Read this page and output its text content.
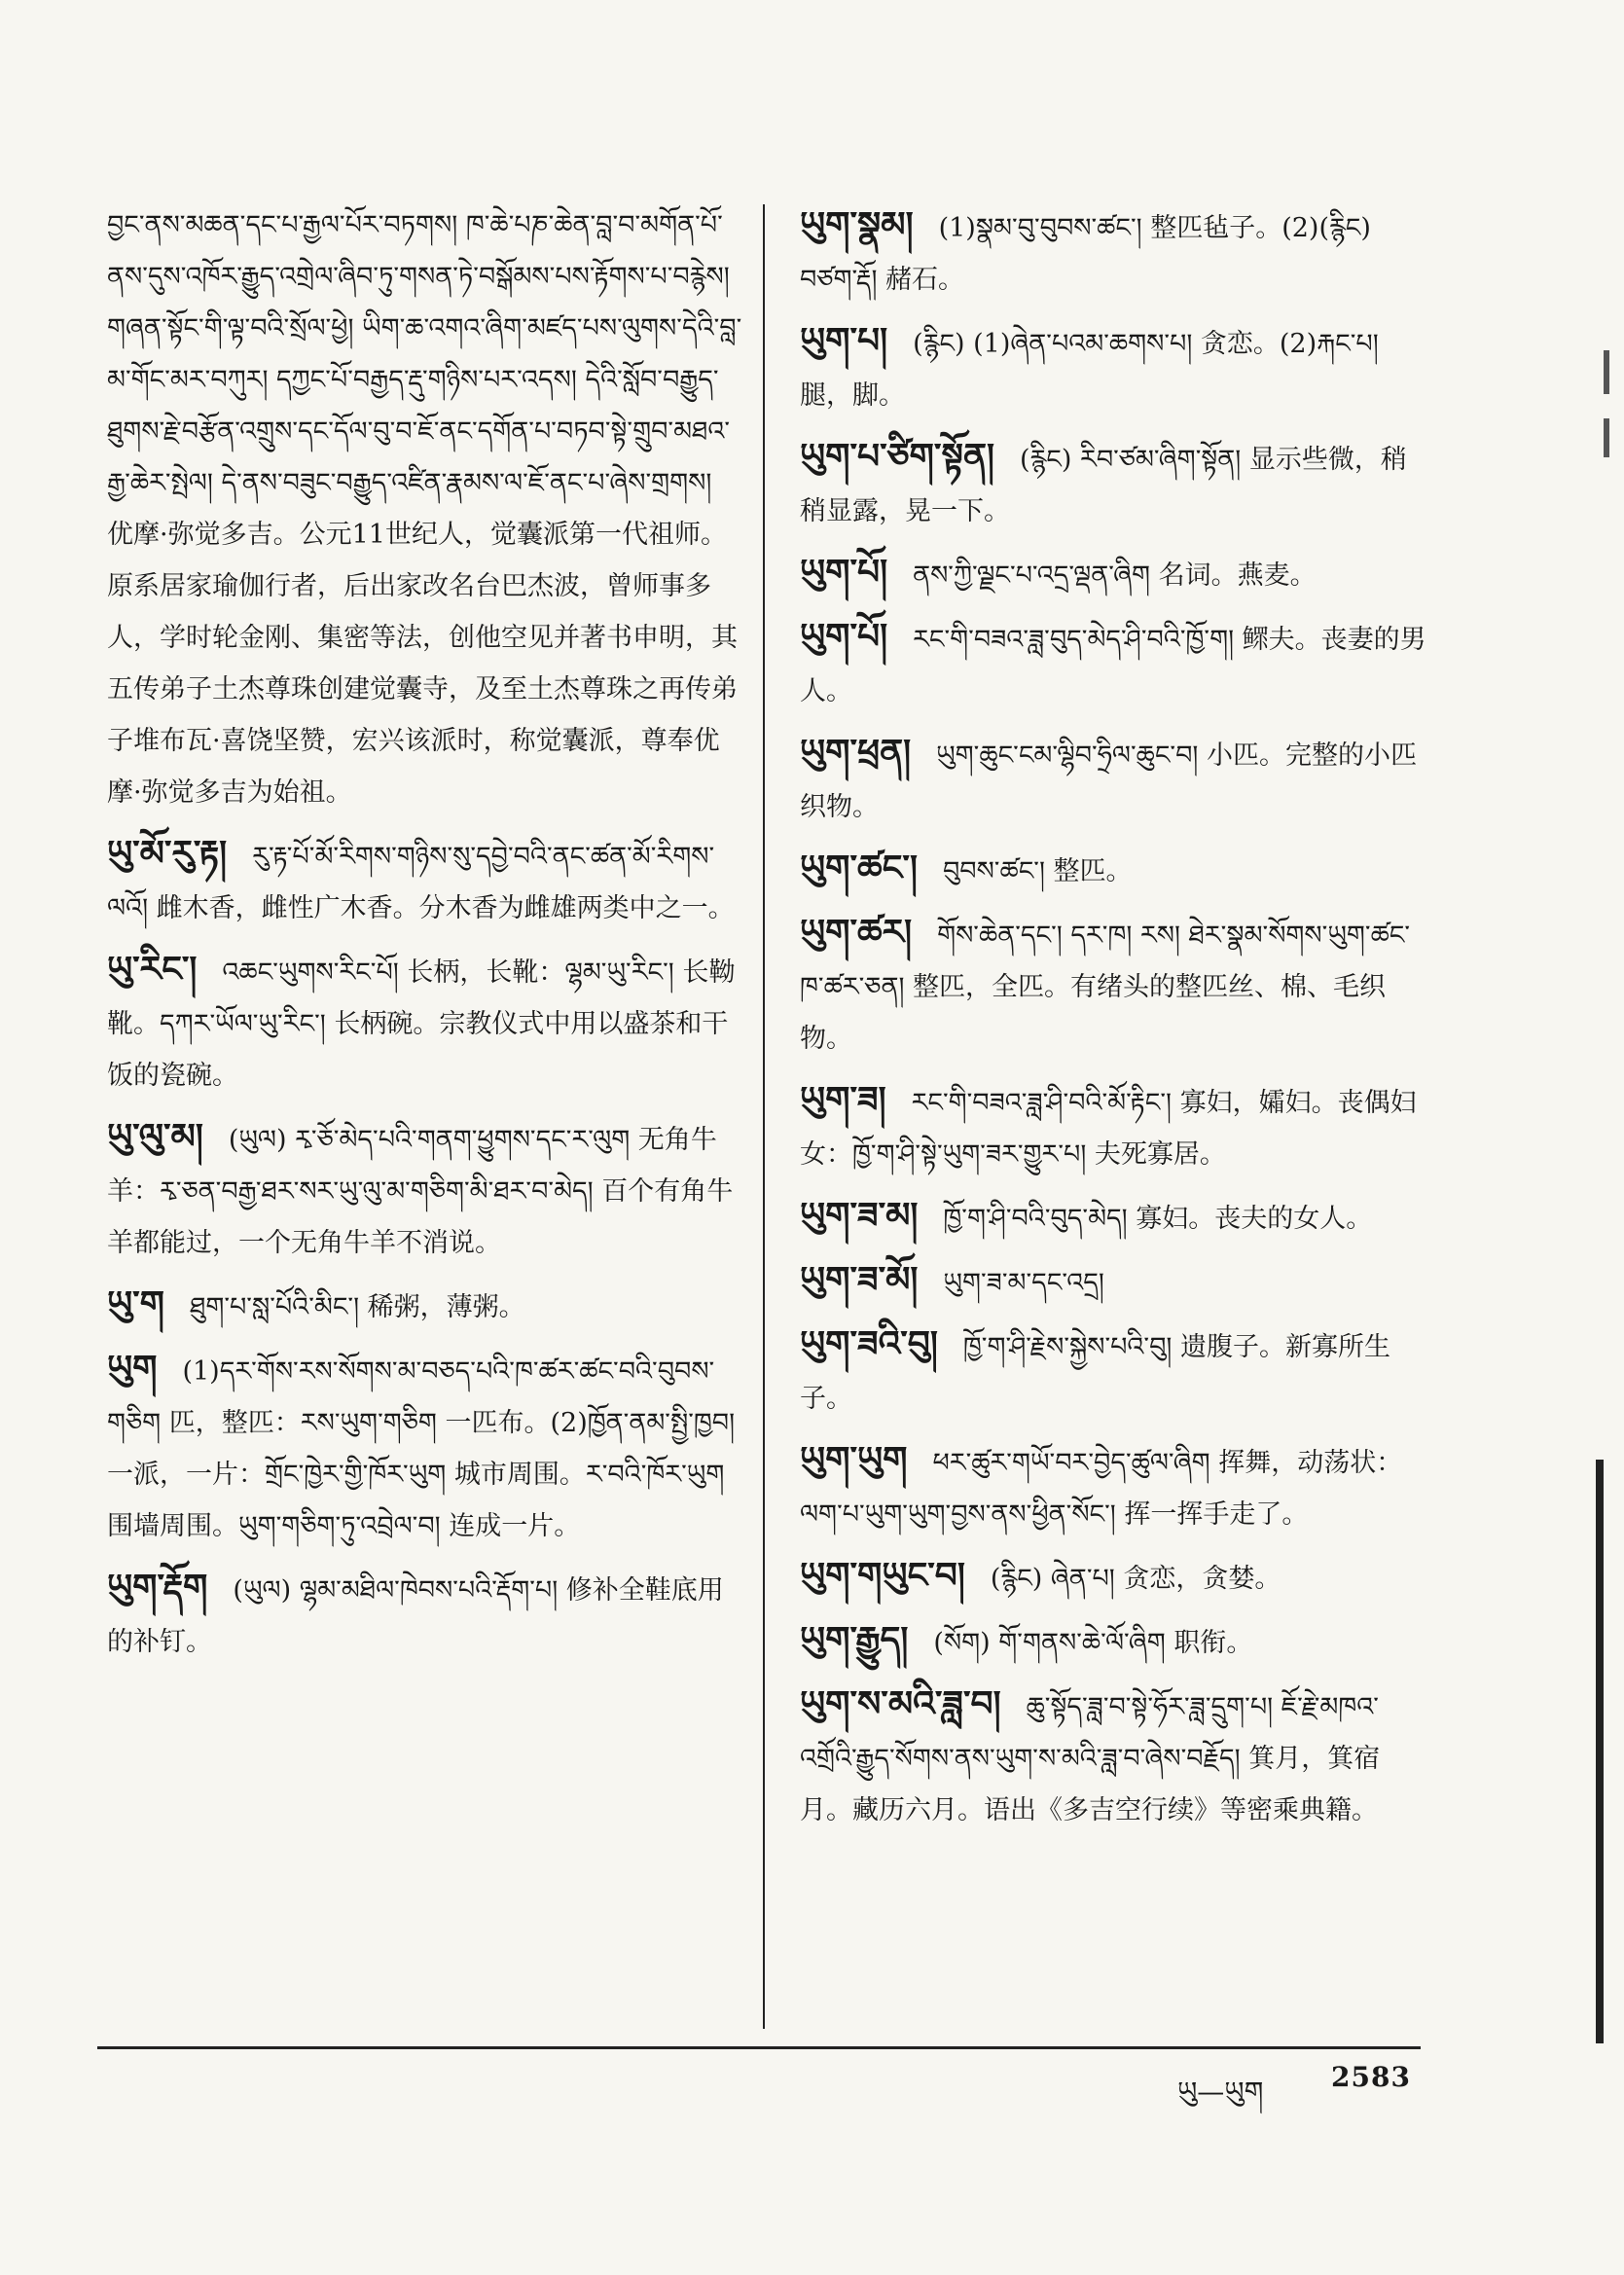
བྱང་ནས་མཆན་དང་པ་རྒྱལ་པོར་བཏགས། ཁ་ཆེ་པཎ་ཆེན་བླ་བ་མགོན་པོ་ནས་དུས་འཁོར་རྒྱུད་འགྲེལ་ཞིབ་ཏུ་གསན་ཏེ་བསྒོམས་པས་རྟོགས་པ་བརྙེས། གཞན་སྟོང་གི་ལྟ་བའི་སྲོལ་ཕྱེ། ཡིག་ཆ་འགའ་ཞིག་མཛད་པས་ལུགས་དེའི་བླ་མ་གོང་མར་བཀུར། དཀྱང་པོ་བརྒྱད་རྡུ་གཉིས་པར་འདས། དེའི་སློབ་བརྒྱུད་ཐུགས་རྗེ་བརྩོན་འགྲུས་དང་དོལ་བུ་བ་ཇོ་ནང་དགོན་པ་བཏབ་སྟེ་གྲུབ་མཐའ་རྒྱ་ཆེར་སྤེལ། དེ་ནས་བཟུང་བརྒྱུད་འཛིན་རྣམས་ལ་ཇོ་ནང་པ་ཞེས་གྲགས། 优摩·弥觉多吉。公元11世纪人，觉囊派第一代祖师。原系居家瑜伽行者，后出家改名台巴杰波，曾师事多人，学时轮金刚、集密等法，创他空见并著书申明，其五传弟子土杰尊珠创建觉囊寺，及至土杰尊珠之再传弟子堆布瓦·喜饶坚赞，宏兴该派时，称觉囊派，尊奉优摩·弥觉多吉为始祖。
ཡུ་མོ་རུ་རྟ། རུ་རྟ་པོ་མོ་རིགས་གཉིས་སུ་དབྱེ་བའི་ནང་ཚན་མོ་རིགས་ལའོ། 雌木香，雌性广木香。分木香为雌雄两类中之一。
ཡུ་རིང་། འཆང་ཡུགས་རིང་པོ། 长柄，长靴：ལྷམ་ཡུ་རིང་། 长靿靴。དཀར་ཡོལ་ཡུ་རིང་། 长柄碗。宗教仪式中用以盛茶和干饭的瓷碗。
ཡུ་ལུ་མ། (ཡུལ) རྭ་ཅོ་མེད་པའི་གནག་ཕྱུགས་དང་ར་ལུག 无角牛羊：རྭ་ཅན་བརྒྱ་ཐར་སར་ཡུ་ལུ་མ་གཅིག་མི་ཐར་བ་མེད། 百个有角牛羊都能过，一个无角牛羊不消说。
ཡུ་ག ཐུག་པ་སླ་པོའི་མིང་། 稀粥，薄粥。
ཡུག (1)དར་གོས་རས་སོགས་མ་བཅད་པའི་ཁ་ཚར་ཚང་བའི་བུབས་གཅིག 匹，整匹：རས་ཡུག་གཅིག 一匹布。(2)ཁྱོན་ནམ་སྤྱི་ཁྱབ། 一派，一片：གྲོང་ཁྱེར་གྱི་ཁོར་ཡུག 城市周围。ར་བའི་ཁོར་ཡུག 围墙周围。ཡུག་གཅིག་ཏུ་འབྲེལ་བ། 连成一片。
ཡུག་རྡོག (ཡུལ) ལྷམ་མཐིལ་ཁེབས་པའི་རྡོག་པ། 修补全鞋底用的补钉。
ཡུག་སྣམ། (1)སྣམ་བུ་བུབས་ཚང་། 整匹毡子。(2)(རྙིང) བཙག་རྡོ། 赭石。
ཡུག་པ། (རྙིང) (1)ཞེན་པའམ་ཆགས་པ། 贪恋。(2)རྐང་པ། 腿，脚。
ཡུག་པ་ཙིག་སྟོན། (རྙིང) རིབ་ཙམ་ཞིག་སྟོན། 显示些微，稍稍显露，晃一下。
ཡུག་པོ། ནས་ཀྱི་ལྗང་པ་འདྲ་ལྡན་ཞིག 名词。燕麦。
ཡུག་པོ། རང་གི་བཟའ་ཟླ་བུད་མེད་ཤི་བའི་ཁྱོ་ག། 鳏夫。丧妻的男人。
ཡུག་ཕྲན། ཡུག་ཆུང་ངམ་ལྷིབ་ཧྲིལ་ཆུང་བ། 小匹。完整的小匹织物。
ཡུག་ཚང་། བུབས་ཚང་། 整匹。
ཡུག་ཚར། གོས་ཆེན་དང་། དར་ཁ། རས། ཐེར་སྣམ་སོགས་ཡུག་ཚང་ཁ་ཚར་ཅན། 整匹，全匹。有绪头的整匹丝、棉、毛织物。
ཡུག་ཟ། རང་གི་བཟའ་ཟླ་ཤི་བའི་མོ་རྟིང་། 寡妇，孀妇。丧偶妇女：ཁྱོ་ག་ཤི་སྟེ་ཡུག་ཟར་གྱུར་པ། 夫死寡居。
ཡུག་ཟ་མ། ཁྱོ་ག་ཤི་བའི་བུད་མེད། 寡妇。丧夫的女人。
ཡུག་ཟ་མོ། ཡུག་ཟ་མ་དང་འདྲ།
ཡུག་ཟའི་བུ། ཁྱོ་ག་ཤི་རྗེས་སྐྱེས་པའི་བུ། 遗腹子。新寡所生子。
ཡུག་ཡུག ཕར་ཚུར་གཡོ་བར་བྱེད་ཚུལ་ཞིག 挥舞，动荡状：ལག་པ་ཡུག་ཡུག་བྱས་ནས་ཕྱིན་སོང་། 挥一挥手走了。
ཡུག་གཡུང་བ། (རྙིང) ཞེན་པ། 贪恋，贪婪。
ཡུག་རྒྱུད། (སོག) གོ་གནས་ཆེ་ལོ་ཞིག 职衔。
ཡུག་ས་མའི་ཟླ་བ། ཆུ་སྟོད་ཟླ་བ་སྟེ་ཧོར་ཟླ་དྲུག་པ། ཇོ་རྗེ་མཁའ་འགྲོའི་རྒྱུད་སོགས་ནས་ཡུག་ས་མའི་ཟླ་བ་ཞེས་བརྗོད། 箕月，箕宿月。藏历六月。语出《多吉空行续》等密乘典籍。
ཡུ—ཡུག 2583
